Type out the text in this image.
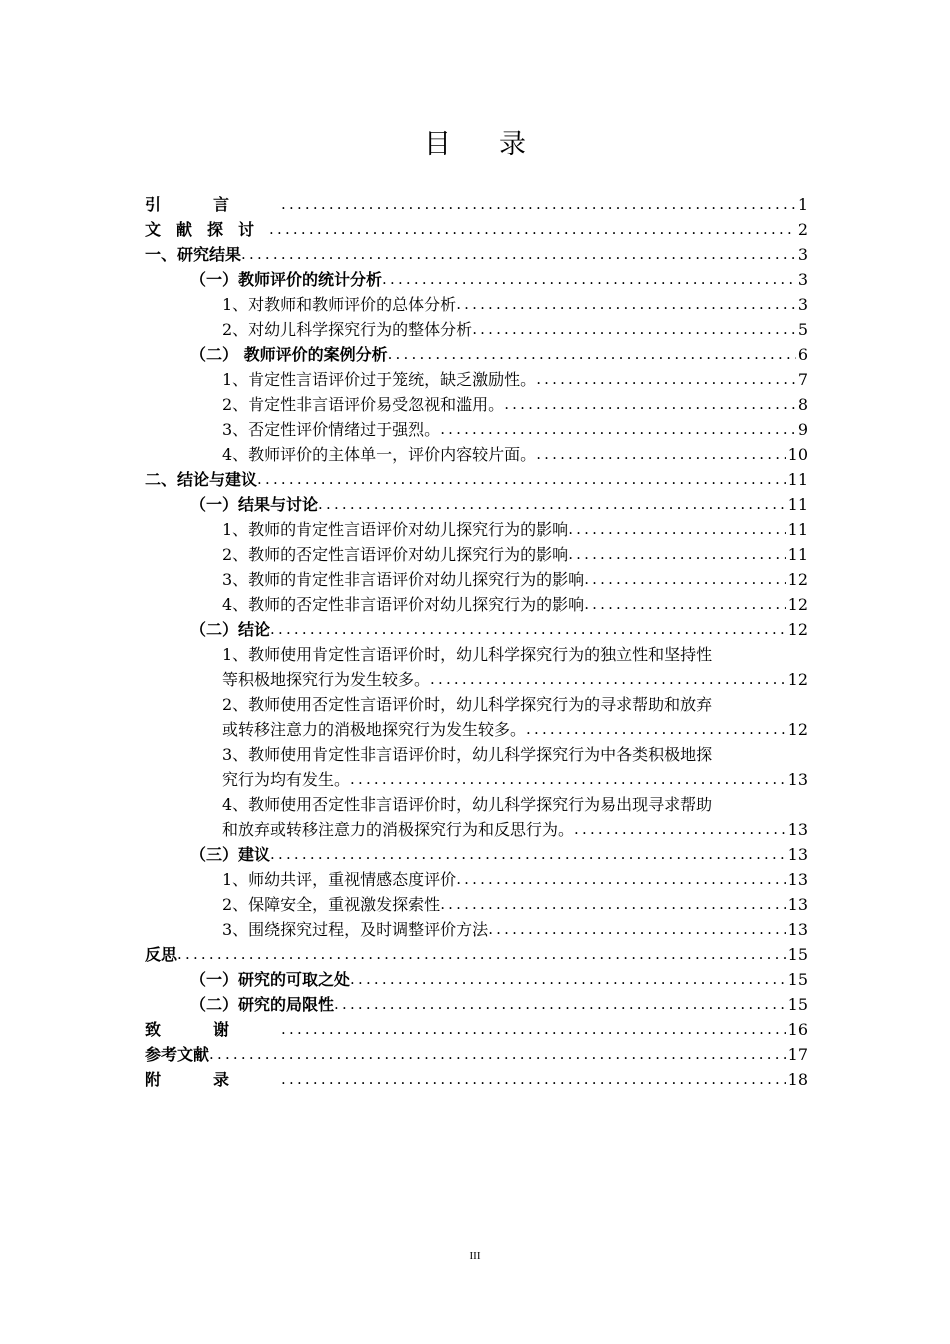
目录
引言 .....	1
文献探讨 .....	2
一、研究结果 .....	3
（一）教师评价的统计分析 .....	3
1、对教师和教师评价的总体分析 .....	3
2、对幼儿科学探究行为的整体分析 .....	5
（二） 教师评价的案例分析 .....	6
1、肯定性言语评价过于笼统，缺乏激励性。 .....	7
2、肯定性非言语评价易受忽视和滥用。 .....	8
3、否定性评价情绪过于强烈。 .....	9
4、教师评价的主体单一，评价内容较片面。 .....	10
二、结论与建议 .....	11
（一）结果与讨论 .....	11
1、教师的肯定性言语评价对幼儿探究行为的影响 .....	11
2、教师的否定性言语评价对幼儿探究行为的影响 .....	11
3、教师的肯定性非言语评价对幼儿探究行为的影响 .....	12
4、教师的否定性非言语评价对幼儿探究行为的影响 .....	12
（二）结论 .....	12
1、教师使用肯定性言语评价时，幼儿科学探究行为的独立性和坚持性
等积极地探究行为发生较多。 .....	12
2、教师使用否定性言语评价时，幼儿科学探究行为的寻求帮助和放弃
或转移注意力的消极地探究行为发生较多。 .....	12
3、教师使用肯定性非言语评价时，幼儿科学探究行为中各类积极地探
究行为均有发生。 .....	13
4、教师使用否定性非言语评价时，幼儿科学探究行为易出现寻求帮助
和放弃或转移注意力的消极探究行为和反思行为。 .....	13
（三）建议 .....	13
1、师幼共评，重视情感态度评价 .....	13
2、保障安全，重视激发探索性 .....	13
3、围绕探究过程，及时调整评价方法 .....	13
反思 .....	15
（一）研究的可取之处 .....	15
（二）研究的局限性 .....	15
致谢 .....	16
参考文献 .....	17
附录 .....	18
III
